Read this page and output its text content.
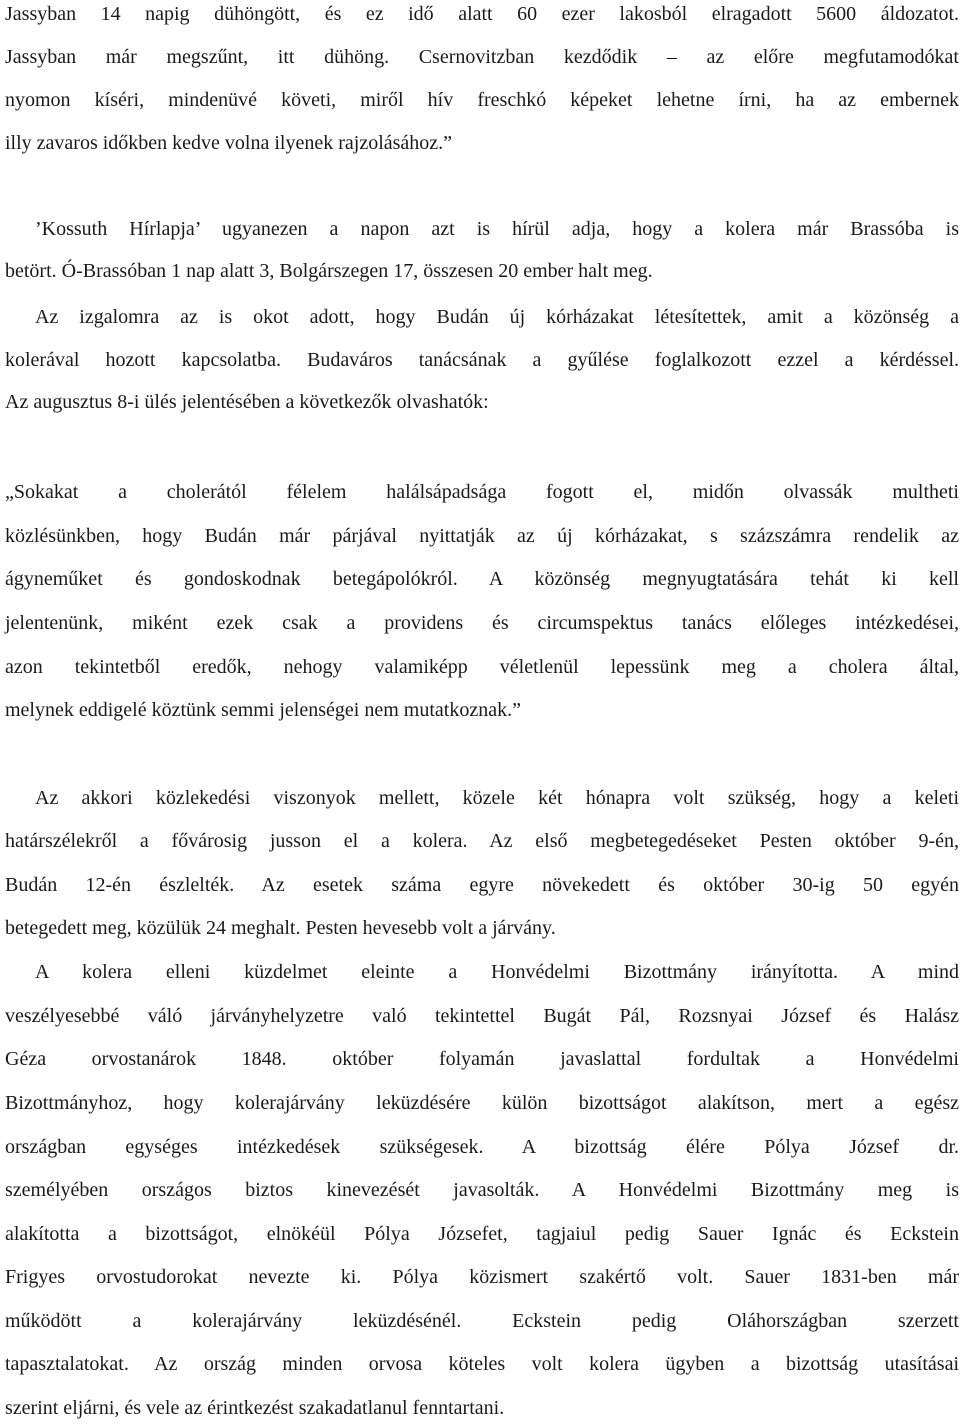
Jassyban 14 napig dühöngött, és ez idő alatt 60 ezer lakosból elragadott 5600 áldozatot.
Jassyban már megszűnt, itt dühöng. Csernovitzban kezdődik – az előre megfutamodókat
nyomon kíséri, mindenüvé követi, miről hív freschkó képeket lehetne írni, ha az embernek
illy zavaros időkben kedve volna ilyenek rajzolásához.”
’Kossuth Hírlapja’ ugyanezen a napon azt is hírül adja, hogy a kolera már Brassóba is
betört. Ó-Brassóban 1 nap alatt 3, Bolgárszegen 17, összesen 20 ember halt meg.
Az izgalomra az is okot adott, hogy Budán új kórházakat létesítettek, amit a közönség a
kolerával hozott kapcsolatba. Budaváros tanácsának a gyűlése foglalkozott ezzel a kérdéssel.
Az augusztus 8-i ülés jelentésében a következők olvashatók:
„Sokakat a cholerától félelem halálsápadsága fogott el, midőn olvassák multheti
közlésünkben, hogy Budán már párjával nyittatják az új kórházakat, s százszámra rendelik az
ágyneműket és gondoskodnak betegápolókról. A közönség megnyugtatására tehát ki kell
jelentenünk, miként ezek csak a providens és circumspektus tanács előleges intézkedései,
azon tekintetből eredők, nehogy valamiképp véletlenül lepessünk meg a cholera által,
melynek eddigelé köztünk semmi jelenségei nem mutatkoznak.”
Az akkori közlekedési viszonyok mellett, közele két hónapra volt szükség, hogy a keleti
határszélekről a fővárosig jusson el a kolera. Az első megbetegedéseket Pesten október 9-én,
Budán 12-én észlelték. Az esetek száma egyre növekedett és október 30-ig 50 egyén
betegedett meg, közülük 24 meghalt. Pesten hevesebb volt a járvány.
A kolera elleni küzdelmet eleinte a Honvédelmi Bizottmány irányította. A mind
veszélyesebbé váló járványhelyzetre való tekintettel Bugát Pál, Rozsnyai József és Halász
Géza orvostanárok 1848. október folyamán javaslattal fordultak a Honvédelmi
Bizottmányhoz, hogy kolerajárvány leküzdésére külön bizottságot alakítson, mert a egész
országban egységes intézkedések szükségesek. A bizottság élére Pólya József dr.
személyében országos biztos kinevezését javasolták. A Honvédelmi Bizottmány meg is
alakította a bizottságot, elnökéül Pólya Józsefet, tagjaiul pedig Sauer Ignác és Eckstein
Frigyes orvostudorokat nevezte ki. Pólya közismert szakértő volt. Sauer 1831-ben már
működött a kolerajárvány leküzdésénél. Eckstein pedig Oláhországban szerzett
tapasztalatokat. Az ország minden orvosa köteles volt kolera ügyben a bizottság utasításai
szerint eljárni, és vele az érintkezést szakadatlanul fenntartani.
